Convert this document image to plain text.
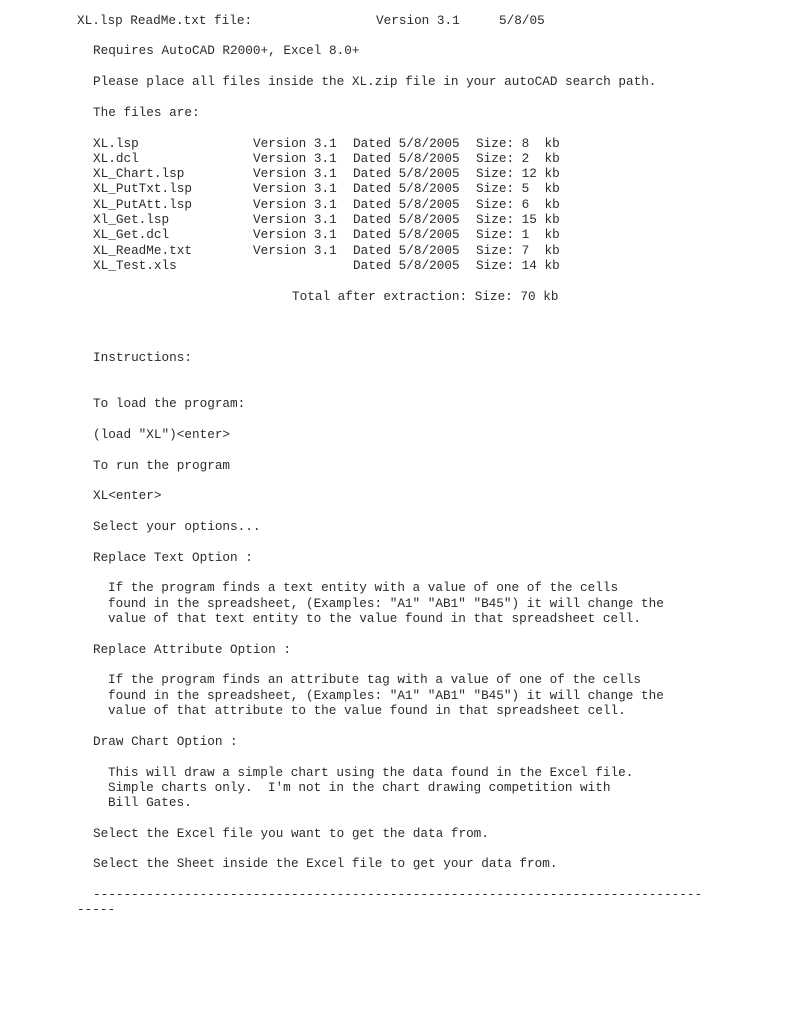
XL.lsp ReadMe.txt file:	Version 3.1	5/8/05
Requires AutoCAD R2000+, Excel 8.0+
Please place all files inside the XL.zip file in your autoCAD search path.
The files are:
XL.lsp	Version 3.1 Dated 5/8/2005 Size: 8  kb
XL.dcl	Version 3.1 Dated 5/8/2005 Size: 2  kb
XL_Chart.lsp	Version 3.1 Dated 5/8/2005 Size: 12 kb
XL_PutTxt.lsp	Version 3.1 Dated 5/8/2005 Size: 5  kb
XL_PutAtt.lsp	Version 3.1 Dated 5/8/2005 Size: 6  kb
Xl_Get.lsp	Version 3.1 Dated 5/8/2005 Size: 15 kb
XL_Get.dcl	Version 3.1 Dated 5/8/2005 Size: 1  kb
XL_ReadMe.txt	Version 3.1 Dated 5/8/2005 Size: 7  kb
XL_Test.xls	Dated 5/8/2005 Size: 14 kb
Total after extraction: Size: 70 kb
Instructions:
To load the program:
(load "XL")<enter>
To run the program
XL<enter>
Select your options...
Replace Text Option :
If the program finds a text entity with a value of one of the cells
found in the spreadsheet, (Examples: "A1" "AB1" "B45") it will change the
value of that text entity to the value found in that spreadsheet cell.
Replace Attribute Option :
If the program finds an attribute tag with a value of one of the cells
found in the spreadsheet, (Examples: "A1" "AB1" "B45") it will change the
value of that attribute to the value found in that spreadsheet cell.
Draw Chart Option :
This will draw a simple chart using the data found in the Excel file.
Simple charts only.  I'm not in the chart drawing competition with
Bill Gates.
Select the Excel file you want to get the data from.
Select the Sheet inside the Excel file to get your data from.
--------------------------------------------------------------------------------
-----
